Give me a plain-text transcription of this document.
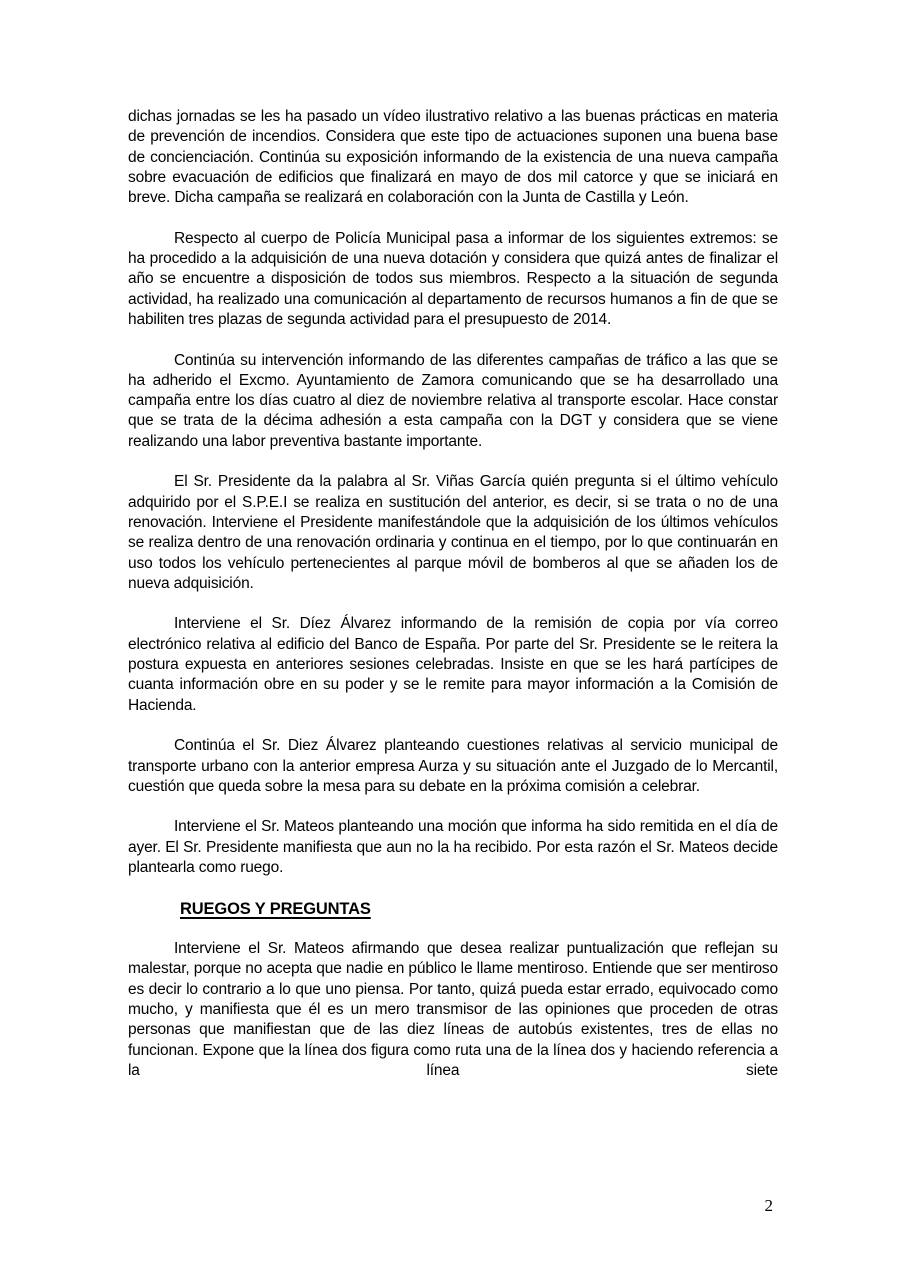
dichas jornadas se les ha pasado un vídeo ilustrativo relativo a las buenas prácticas en materia de prevención de incendios. Considera que este tipo de actuaciones suponen una buena base de concienciación. Continúa su exposición informando de la existencia de una nueva campaña sobre evacuación de edificios que finalizará en mayo de dos mil catorce y que se iniciará en breve. Dicha campaña se realizará en colaboración con la Junta de Castilla y León.

Respecto al cuerpo de Policía Municipal pasa a informar de los siguientes extremos: se ha procedido a la adquisición de una nueva dotación y considera que quizá antes de finalizar el año se encuentre a disposición de todos sus miembros. Respecto a la situación de segunda actividad, ha realizado una comunicación al departamento de recursos humanos a fin de que se habiliten tres plazas de segunda actividad para el presupuesto de 2014.

Continúa su intervención informando de las diferentes campañas de tráfico a las que se ha adherido el Excmo. Ayuntamiento de Zamora comunicando que se ha desarrollado una campaña entre los días cuatro al diez de noviembre relativa al transporte escolar. Hace constar que se trata de la décima adhesión a esta campaña con la DGT y considera que se viene realizando una labor preventiva bastante importante.

El Sr. Presidente da la palabra al Sr. Viñas García quién pregunta si el último vehículo adquirido por el S.P.E.I se realiza en sustitución del anterior, es decir, si se trata o no de una renovación. Interviene el Presidente manifestándole que la adquisición de los últimos vehículos se realiza dentro de una renovación ordinaria y continua en el tiempo, por lo que continuarán en uso todos los vehículo pertenecientes al parque móvil de bomberos al que se añaden los de nueva adquisición.

Interviene el Sr. Díez Álvarez informando de la remisión de copia por vía correo electrónico relativa al edificio del Banco de España. Por parte del Sr. Presidente se le reitera la postura expuesta en anteriores sesiones celebradas. Insiste en que se les hará partícipes de cuanta información obre en su poder y se le remite para mayor información a la Comisión de Hacienda.

Continúa el Sr. Diez Álvarez planteando cuestiones relativas al servicio municipal de transporte urbano con la anterior empresa Aurza y su situación ante el Juzgado de lo Mercantil, cuestión que queda sobre la mesa para su debate en la próxima comisión a celebrar.

Interviene el Sr. Mateos planteando una moción que informa ha sido remitida en el día de ayer. El Sr. Presidente manifiesta que aun no la ha recibido. Por esta razón el Sr. Mateos decide plantearla como ruego.

RUEGOS Y PREGUNTAS

Interviene el Sr. Mateos afirmando que desea realizar puntualización que reflejan su malestar, porque no acepta que nadie en público le llame mentiroso. Entiende que ser mentiroso es decir lo contrario a lo que uno piensa. Por tanto, quizá pueda estar errado, equivocado como mucho, y manifiesta que él es un mero transmisor de las opiniones que proceden de otras personas que manifiestan que de las diez líneas de autobús existentes, tres de ellas no funcionan. Expone que la línea dos figura como ruta una de la línea dos y haciendo referencia a la línea siete

2
